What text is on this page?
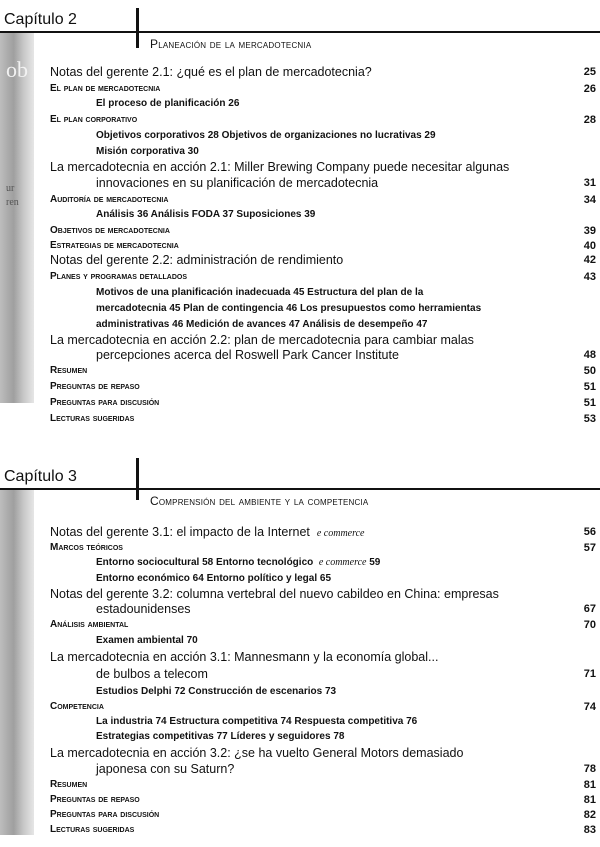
Capítulo 2
Planeación de la mercadotecnia
ob
ur
ren
Notas del gerente 2.1: ¿qué es el plan de mercadotecnia?	25
El plan de mercadotecnia	26
El proceso de planificación 26
El plan corporativo	28
Objetivos corporativos 28 Objetivos de organizaciones no lucrativas 29
Misión corporativa 30
La mercadotecnia en acción 2.1: Miller Brewing Company puede necesitar algunas
innovaciones en su planificación de mercadotecnia	31
Auditoría de mercadotecnia	34
Análisis 36 Análisis FODA 37 Suposiciones 39
Objetivos de mercadotecnia	39
Estrategias de mercadotecnia	40
Notas del gerente 2.2: administración de rendimiento	42
Planes y programas detallados	43
Motivos de una planificación inadecuada 45 Estructura del plan de la
mercadotecnia 45 Plan de contingencia 46 Los presupuestos como herramientas
administrativas 46 Medición de avances 47 Análisis de desempeño 47
La mercadotecnia en acción 2.2: plan de mercadotecnia para cambiar malas
percepciones acerca del Roswell Park Cancer Institute	48
Resumen	50
Preguntas de repaso	51
Preguntas para discusión	51
Lecturas sugeridas	53
Capítulo 3
Comprensión del ambiente y la competencia
Notas del gerente 3.1: el impacto de la Internet e commerce	56
Marcos teóricos	57
Entorno sociocultural 58 Entorno tecnológico e commerce 59
Entorno económico 64 Entorno político y legal 65
Notas del gerente 3.2: columna vertebral del nuevo cabildeo en China: empresas
estadounidenses	67
Análisis ambiental	70
Examen ambiental 70
La mercadotecnia en acción 3.1: Mannesmann y la economía global...
de bulbos a telecom	71
Estudios Delphi 72 Construcción de escenarios 73
Competencia	74
La industria 74 Estructura competitiva 74 Respuesta competitiva 76
Estrategias competitivas 77 Líderes y seguidores 78
La mercadotecnia en acción 3.2: ¿se ha vuelto General Motors demasiado
japonesa con su Saturn?	78
Resumen	81
Preguntas de repaso	81
Preguntas para discusión	82
Lecturas sugeridas	83
